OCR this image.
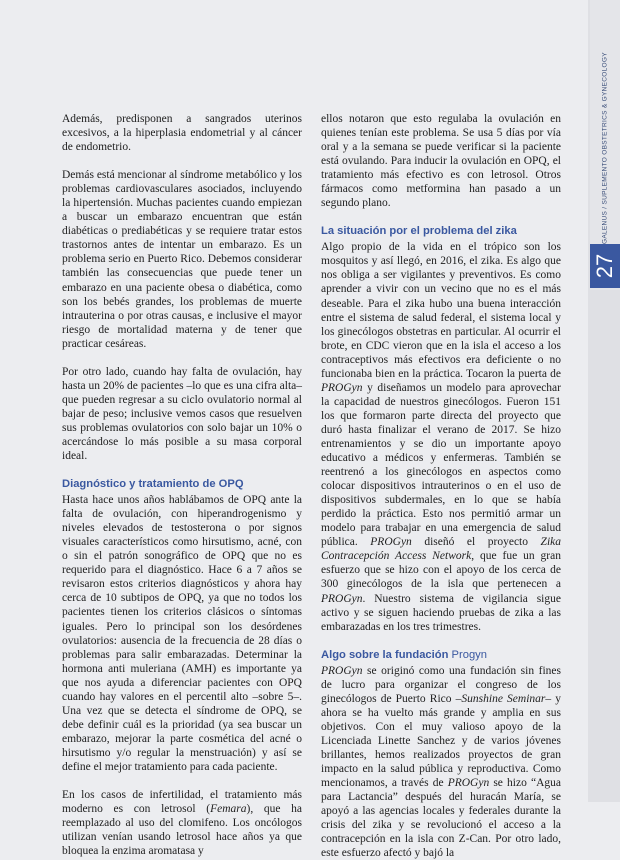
GALENUS / SUPLEMENTO OBSTETRICS & GYNECOLOGY
27

Además, predisponen a sangrados uterinos excesivos, a la hiperplasia endometrial y al cáncer de endometrio.

Demás está mencionar al síndrome metabólico y los problemas cardiovasculares asociados, incluyendo la hipertensión. Muchas pacientes cuando empiezan a buscar un embarazo encuentran que están diabéticas o prediabéticas y se requiere tratar estos trastornos antes de intentar un embarazo. Es un problema serio en Puerto Rico. Debemos considerar también las consecuencias que puede tener un embarazo en una paciente obesa o diabética, como son los bebés grandes, los problemas de muerte intrauterina o por otras causas, e inclusive el mayor riesgo de mortalidad materna y de tener que practicar cesáreas.

Por otro lado, cuando hay falta de ovulación, hay hasta un 20% de pacientes –lo que es una cifra alta– que pueden regresar a su ciclo ovulatorio normal al bajar de peso; inclusive vemos casos que resuelven sus problemas ovulatorios con solo bajar un 10% o acercándose lo más posible a su masa corporal ideal.

Diagnóstico y tratamiento de OPQ

Hasta hace unos años hablábamos de OPQ ante la falta de ovulación, con hiperandrogenismo y niveles elevados de testosterona o por signos visuales característicos como hirsutismo, acné, con o sin el patrón sonográfico de OPQ que no es requerido para el diagnóstico. Hace 6 a 7 años se revisaron estos criterios diagnósticos y ahora hay cerca de 10 subtipos de OPQ, ya que no todos los pacientes tienen los criterios clásicos o síntomas iguales. Pero lo principal son los desórdenes ovulatorios: ausencia de la frecuencia de 28 días o problemas para salir embarazadas. Determinar la hormona anti muleriana (AMH) es importante ya que nos ayuda a diferenciar pacientes con OPQ cuando hay valores en el percentil alto –sobre 5–. Una vez que se detecta el síndrome de OPQ, se debe definir cuál es la prioridad (ya sea buscar un embarazo, mejorar la parte cosmética del acné o hirsutismo y/o regular la menstruación) y así se define el mejor tratamiento para cada paciente.

En los casos de infertilidad, el tratamiento más moderno es con letrosol (Femara), que ha reemplazado al uso del clomifeno. Los oncólogos utilizan venían usando letrosol hace años ya que bloquea la enzima aromatasa y

ellos notaron que esto regulaba la ovulación en quienes tenían este problema. Se usa 5 días por vía oral y a la semana se puede verificar si la paciente está ovulando. Para inducir la ovulación en OPQ, el tratamiento más efectivo es con letrosol. Otros fármacos como metformina han pasado a un segundo plano.

La situación por el problema del zika

Algo propio de la vida en el trópico son los mosquitos y así llegó, en 2016, el zika. Es algo que nos obliga a ser vigilantes y preventivos. Es como aprender a vivir con un vecino que no es el más deseable. Para el zika hubo una buena interacción entre el sistema de salud federal, el sistema local y los ginecólogos obstetras en particular. Al ocurrir el brote, en CDC vieron que en la isla el acceso a los contraceptivos más efectivos era deficiente o no funcionaba bien en la práctica. Tocaron la puerta de PROGyn y diseñamos un modelo para aprovechar la capacidad de nuestros ginecólogos. Fueron 151 los que formaron parte directa del proyecto que duró hasta finalizar el verano de 2017. Se hizo entrenamientos y se dio un importante apoyo educativo a médicos y enfermeras. También se reentrenó a los ginecólogos en aspectos como colocar dispositivos intrauterinos o en el uso de dispositivos subdermales, en lo que se había perdido la práctica. Esto nos permitió armar un modelo para trabajar en una emergencia de salud pública. PROGyn diseñó el proyecto Zika Contracepción Access Network, que fue un gran esfuerzo que se hizo con el apoyo de los cerca de 300 ginecólogos de la isla que pertenecen a PROGyn. Nuestro sistema de vigilancia sigue activo y se siguen haciendo pruebas de zika a las embarazadas en los tres trimestres.

Algo sobre la fundación Progyn

PROGyn se originó como una fundación sin fines de lucro para organizar el congreso de los ginecólogos de Puerto Rico –Sunshine Seminar– y ahora se ha vuelto más grande y amplia en sus objetivos. Con el muy valioso apoyo de la Licenciada Linette Sanchez y de varios jóvenes brillantes, hemos realizados proyectos de gran impacto en la salud pública y reproductiva. Como mencionamos, a través de PROGyn se hizo “Agua para Lactancia” después del huracán María, se apoyó a las agencias locales y federales durante la crisis del zika y se revolucionó el acceso a la contracepción en la isla con Z-Can. Por otro lado, este esfuerzo afectó y bajó la
